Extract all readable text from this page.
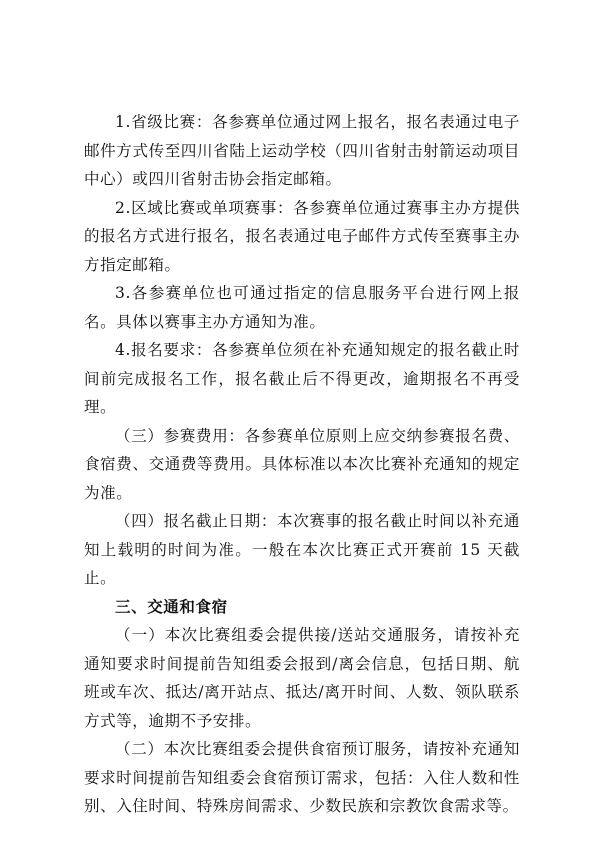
1.省级比赛：各参赛单位通过网上报名，报名表通过电子邮件方式传至四川省陆上运动学校（四川省射击射箭运动项目中心）或四川省射击协会指定邮箱。

2.区域比赛或单项赛事：各参赛单位通过赛事主办方提供的报名方式进行报名，报名表通过电子邮件方式传至赛事主办方指定邮箱。

3.各参赛单位也可通过指定的信息服务平台进行网上报名。具体以赛事主办方通知为准。

4.报名要求：各参赛单位须在补充通知规定的报名截止时间前完成报名工作，报名截止后不得更改，逾期报名不再受理。

（三）参赛费用：各参赛单位原则上应交纳参赛报名费、食宿费、交通费等费用。具体标准以本次比赛补充通知的规定为准。

（四）报名截止日期：本次赛事的报名截止时间以补充通知上载明的时间为准。一般在本次比赛正式开赛前 15 天截止。

三、交通和食宿

（一）本次比赛组委会提供接/送站交通服务，请按补充通知要求时间提前告知组委会报到/离会信息，包括日期、航班或车次、抵达/离开站点、抵达/离开时间、人数、领队联系方式等，逾期不予安排。

（二）本次比赛组委会提供食宿预订服务，请按补充通知要求时间提前告知组委会食宿预订需求，包括：入住人数和性别、入住时间、特殊房间需求、少数民族和宗教饮食需求等。
